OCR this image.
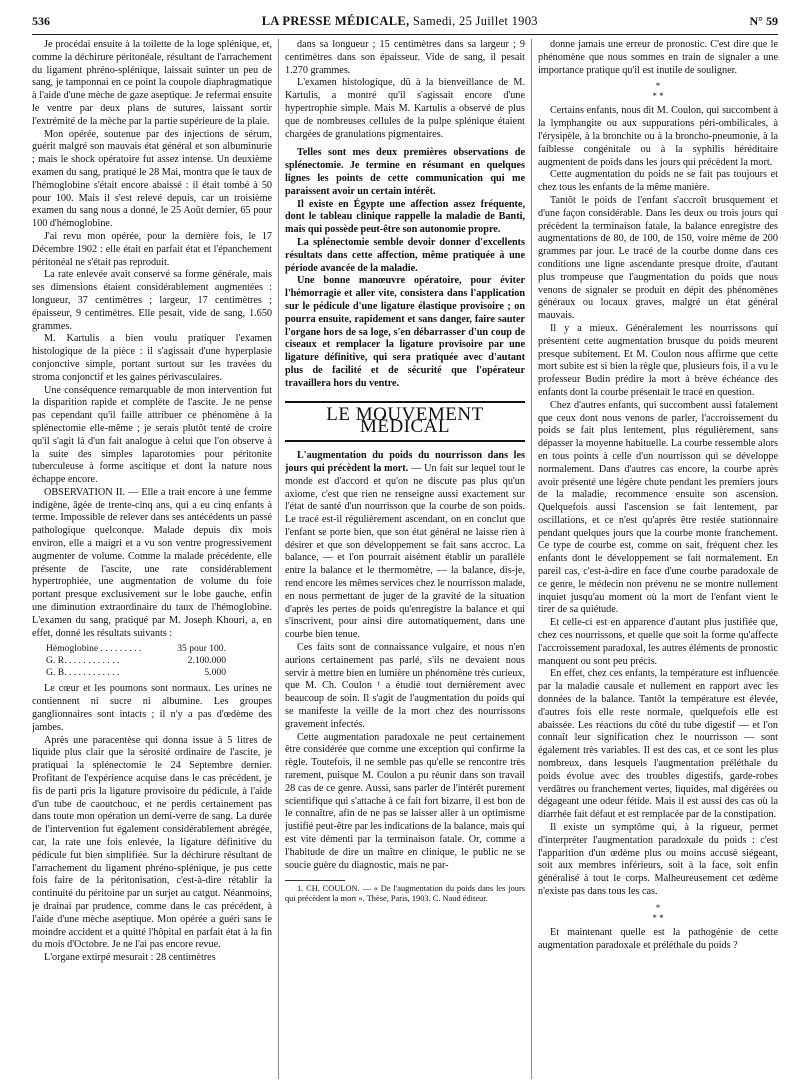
536	LA PRESSE MÉDICALE, Samedi, 25 Juillet 1903	N° 59

Je procédai ensuite à la toilette de la loge splénique, et, comme la déchirure péritonéale, résultant de l'arrachement du ligament phréno-splénique, laissait suinter un peu de sang, je tamponnai en ce point la coupole diaphragmatique à l'aide d'une mèche de gaze aseptique. Je refermai ensuite le ventre par deux plans de sutures, laissant sortir l'extrémité de la mèche par la partie supérieure de la plaie.

Mon opérée, soutenue par des injections de sérum, guérit malgré son mauvais état général et son albuminurie ; mais le shock opératoire fut assez intense. Un deuxième examen du sang, pratiqué le 28 Mai, montra que le taux de l'hémoglobine s'était encore abaissé : il était tombé à 50 pour 100. Mais il s'est relevé depuis, car un troisième examen du sang nous a donné, le 25 Août dernier, 65 pour 100 d'hémoglobine.

J'ai revu mon opérée, pour la dernière fois, le 17 Décembre 1902 : elle était en parfait état et l'épanchement péritonéal ne s'était pas reproduit.

La rate enlevée avait conservé sa forme générale, mais ses dimensions étaient considérablement augmentées : longueur, 37 centimètres ; largeur, 17 centimètres ; épaisseur, 9 centimètres. Elle pesait, vide de sang, 1.650 grammes.

M. Kartulis a bien voulu pratiquer l'examen histologique de la pièce : il s'agissait d'une hyperplasie conjonctive simple, portant surtout sur les travées du stroma conjonctif et les gaines périvasculaires.

Une conséquence remarquable de mon intervention fut la disparition rapide et complète de l'ascite. Je ne pense pas cependant qu'il faille attribuer ce phénomène à la splénectomie elle-même ; je serais plutôt tenté de croire qu'il s'agit là d'un fait analogue à celui que l'on observe à la suite des simples laparotomies pour péritonite tuberculeuse à forme ascitique et dont la nature nous échappe encore.

OBSERVATION II. — Elle a trait encore à une femme indigène, âgée de trente-cinq ans, qui a eu cinq enfants à terme. Impossible de relever dans ses antécédents un passé pathologique quelconque. Malade depuis dix mois environ, elle a maigri et a vu son ventre progressivement augmenter de volume. Comme la malade précédente, elle présente de l'ascite, une rate considérablement hypertrophiée, une augmentation de volume du foie portant presque exclusivement sur le lobe gauche, enfin une diminution extraordinaire du taux de l'hémoglobine. L'examen du sang, pratiqué par M. Joseph Khouri, a, en effet, donné les résultats suivants :

Hémoglobine . . . . . . . . .	35 pour 100.
G. R. . . . . . . . . . . .	2.100.000
G. B. . . . . . . . . . . .	5.000

Le cœur et les poumons sont normaux. Les urines ne contiennent ni sucre ni albumine. Les groupes ganglionnaires sont intacts ; il n'y a pas d'œdème des jambes.

Après une paracentèse qui donna issue à 5 litres de liquide plus clair que la sérosité ordinaire de l'ascite, je pratiquai la splénectomie le 24 Septembre dernier. Profitant de l'expérience acquise dans le cas précédent, je fis de parti pris la ligature provisoire du pédicule, à l'aide d'un tube de caoutchouc, et ne perdis certainement pas dans toute mon opération un demi-verre de sang. La durée de l'intervention fut également considérablement abrégée, car, la rate une fois enlevée, la ligature définitive du pédicule fut bien simplifiée. Sur la déchirure résultant de l'arrachement du ligament phréno-splénique, je pus cette fois faire de la péritonisation, c'est-à-dire rétablir la continuité du péritoine par un surjet au catgut. Néanmoins, je drainai par prudence, comme dans le cas précédent, à l'aide d'une mèche aseptique. Mon opérée a guéri sans le moindre accident et a quitté l'hôpital en parfait état à la fin du mois d'Octobre. Je ne l'ai pas encore revue.

L'organe extirpé mesurait : 28 centimètres

dans sa longueur ; 15 centimètres dans sa largeur ; 9 centimètres dans son épaisseur. Vide de sang, il pesait 1.270 grammes.

L'examen histologique, dû à la bienveillance de M. Kartulis, a montré qu'il s'agissait encore d'une hypertrophie simple. Mais M. Kartulis a observé de plus que de nombreuses cellules de la pulpe splénique étaient chargées de granulations pigmentaires.

Telles sont mes deux premières observations de splénectomie. Je termine en résumant en quelques lignes les points de cette communication qui me paraissent avoir un certain intérêt.

Il existe en Égypte une affection assez fréquente, dont le tableau clinique rappelle la maladie de Banti, mais qui possède peut-être son autonomie propre.

La splénectomie semble devoir donner d'excellents résultats dans cette affection, même pratiquée à une période avancée de la maladie.

Une bonne manœuvre opératoire, pour éviter l'hémorragie et aller vite, consistera dans l'application sur le pédicule d'une ligature élastique provisoire ; on pourra ensuite, rapidement et sans danger, faire sauter l'organe hors de sa loge, s'en débarrasser d'un coup de ciseaux et remplacer la ligature provisoire par une ligature définitive, qui sera pratiquée avec d'autant plus de facilité et de sécurité que l'opérateur travaillera hors du ventre.

LE MOUVEMENT MÉDICAL

L'augmentation du poids du nourrisson dans les jours qui précèdent la mort. — Un fait sur lequel tout le monde est d'accord et qu'on ne discute pas plus qu'un axiome, c'est que rien ne renseigne aussi exactement sur l'état de santé d'un nourrisson que la courbe de son poids. Le tracé est-il régulièrement ascendant, on en conclut que l'enfant se porte bien, que son état général ne laisse rien à désirer et que son développement se fait sans accroc. La balance, — et l'on pourrait aisément établir un parallèle entre la balance et le thermomètre, — la balance, dis-je, rend encore les mêmes services chez le nourrisson malade, en nous permettant de juger de la gravité de la situation d'après les pertes de poids qu'enregistre la balance et qui s'inscrivent, pour ainsi dire automatiquement, dans une courbe bien tenue.

Ces faits sont de connaissance vulgaire, et nous n'en aurions certainement pas parlé, s'ils ne devaient nous servir à mettre bien en lumière un phénomène très curieux, que M. Ch. Coulon ¹ a étudié tout dernièrement avec beaucoup de soin. Il s'agit de l'augmentation du poids qui se manifeste la veille de la mort chez des nourrissons gravement infectés.

Cette augmentation paradoxale ne peut certainement être considérée que comme une exception qui confirme la règle. Toutefois, il ne semble pas qu'elle se rencontre très rarement, puisque M. Coulon a pu réunir dans son travail 28 cas de ce genre. Aussi, sans parler de l'intérêt purement scientifique qui s'attache à ce fait fort bizarre, il est bon de le connaître, afin de ne pas se laisser aller à un optimisme justifié peut-être par les indications de la balance, mais qui est vite démenti par la terminaison fatale. Or, comme a l'habitude de dire un maître en clinique, le public ne se soucie guère du diagnostic, mais ne par-

1. CH. COULON. — « De l'augmentation du poids dans les jours qui précèdent la mort ». Thèse, Paris, 1903. C. Naud éditeur.

donne jamais une erreur de pronostic. C'est dire que le phénomène que nous sommes en train de signaler a une importance pratique qu'il est inutile de souligner.

*
* *

Certains enfants, nous dit M. Coulon, qui succombent à la lymphangite ou aux suppurations péri-ombilicales, à l'érysipèle, à la bronchite ou à la broncho-pneumonie, à la faiblesse congénitale ou à la syphilis héréditaire augmentent de poids dans les jours qui précèdent la mort.

Cette augmentation du poids ne se fait pas toujours et chez tous les enfants de la même manière.

Tantôt le poids de l'enfant s'accroît brusquement et d'une façon considérable. Dans les deux ou trois jours qui précèdent la terminaison fatale, la balance enregistre des augmentations de 80, de 100, de 150, voire même de 200 grammes par jour. Le tracé de la courbe donne dans ces conditions une ligne ascendante presque droite, d'autant plus trompeuse que l'augmentation du poids que nous venons de signaler se produit en dépit des phénomènes généraux ou locaux graves, malgré un état général mauvais.

Il y a mieux. Généralement les nourrissons qui présentent cette augmentation brusque du poids meurent presque subitement. Et M. Coulon nous affirme que cette mort subite est si bien la règle que, plusieurs fois, il a vu le professeur Budin prédire la mort à brève échéance des enfants dont la courbe présentait le tracé en question.

Chez d'autres enfants, qui succombent aussi fatalement que ceux dont nous venons de parler, l'accroissement du poids se fait plus lentement, plus régulièrement, sans dépasser la moyenne habituelle. La courbe ressemble alors en tous points à celle d'un nourrisson qui se développe normalement. Dans d'autres cas encore, la courbe après avoir présenté une légère chute pendant les premiers jours de la maladie, recommence ensuite son ascension. Quelquefois aussi l'ascension se fait lentement, par oscillations, et ce n'est qu'après être restée stationnaire pendant quelques jours que la courbe monte franchement. Ce type de courbe est, comme on sait, fréquent chez les enfants dont le développement se fait normalement. En pareil cas, c'est-à-dire en face d'une courbe paradoxale de ce genre, le médecin non prévenu ne se montre nullement inquiet jusqu'au moment où la mort de l'enfant vient le tirer de sa quiétude.

Et celle-ci est en apparence d'autant plus justifiée que, chez ces nourrissons, et quelle que soit la forme qu'affecte l'accroissement paradoxal, les autres éléments de pronostic manquent ou sont peu précis.

En effet, chez ces enfants, la température est influencée par la maladie causale et nullement en rapport avec les données de la balance. Tantôt la température est élevée, d'autres fois elle reste normale, quelquefois elle est abaissée. Les réactions du côté du tube digestif — et l'on connaît leur signification chez le nourrisson — sont également très variables. Il est des cas, et ce sont les plus nombreux, dans lesquels l'augmentation préléthale du poids évolue avec des troubles digestifs, garde-robes verdâtres ou franchement vertes, liquides, mal digérées ou dégageant une odeur fétide. Mais il est aussi des cas où la diarrhée fait défaut et est remplacée par de la constipation.

Il existe un symptôme qui, à la rigueur, permet d'interpréter l'augmentation paradoxale du poids : c'est l'apparition d'un œdème plus ou moins accusé siégeant, soit aux membres inférieurs, soit à la face, soit enfin généralisé à tout le corps. Malheureusement cet œdème n'existe pas dans tous les cas.

*
* *

Et maintenant quelle est la pathogénie de cette augmentation paradoxale et préléthale du poids ?
